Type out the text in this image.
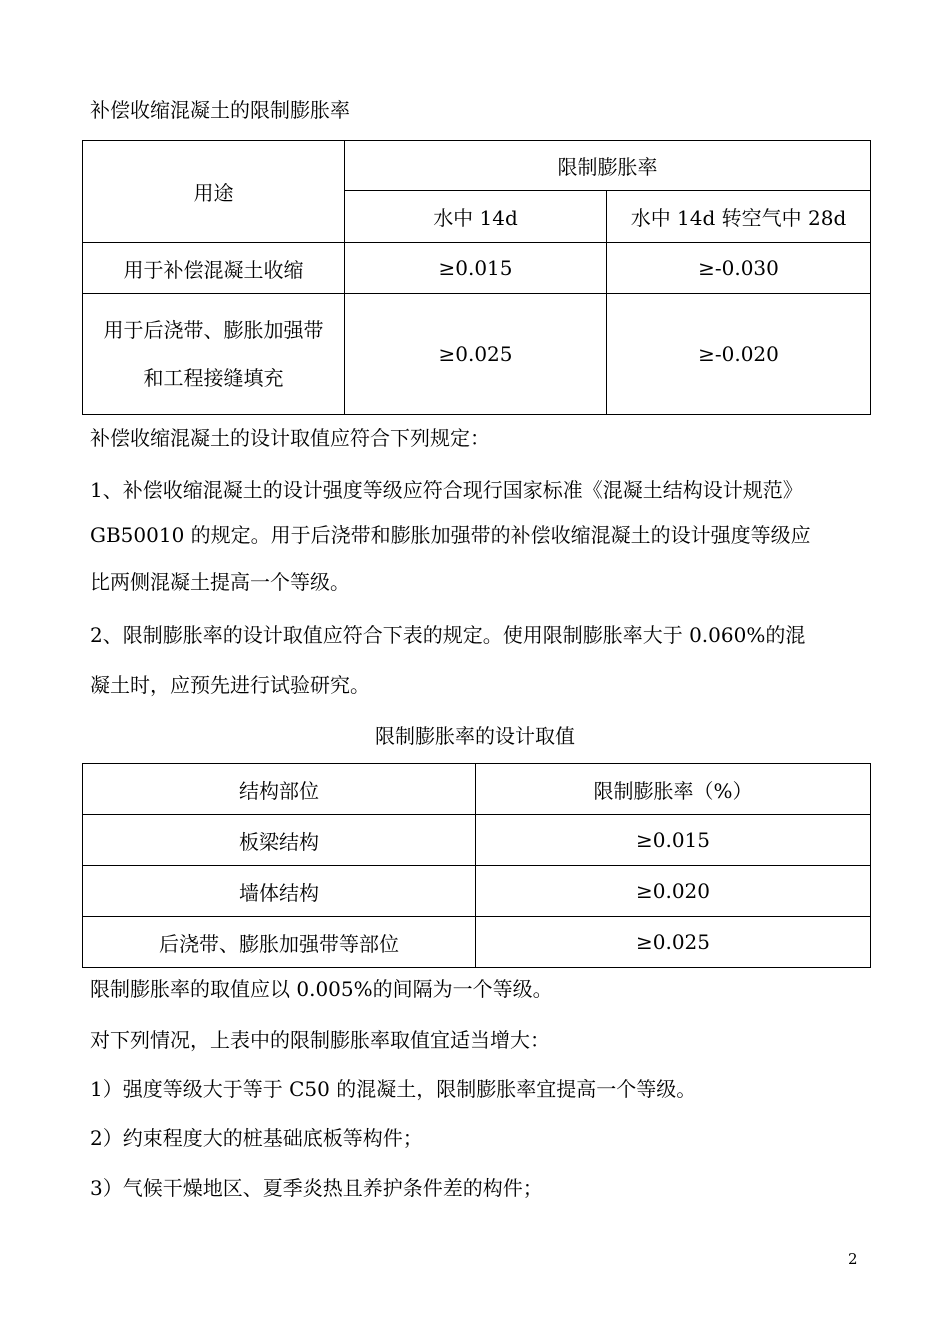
补偿收缩混凝土的限制膨胀率
用途	限制膨胀率	
	水中 14d	水中 14d 转空气中 28d
用于补偿混凝土收缩	≥0.015	≥-0.030

用于后浇带、膨胀加强带
和工程接缝填充	≥0.025	≥-0.020
补偿收缩混凝土的设计取值应符合下列规定：
1、补偿收缩混凝土的设计强度等级应符合现行国家标准《混凝土结构设计规范》
GB50010 的规定。用于后浇带和膨胀加强带的补偿收缩混凝土的设计强度等级应
比两侧混凝土提高一个等级。
2、限制膨胀率的设计取值应符合下表的规定。使用限制膨胀率大于 0.060%的混
凝土时，应预先进行试验研究。
限制膨胀率的设计取值
结构部位	限制膨胀率（%）
板梁结构	≥0.015
墙体结构	≥0.020
后浇带、膨胀加强带等部位	≥0.025
限制膨胀率的取值应以 0.005%的间隔为一个等级。
对下列情况，上表中的限制膨胀率取值宜适当增大：
1）强度等级大于等于 C50 的混凝土，限制膨胀率宜提高一个等级。
2）约束程度大的桩基础底板等构件；
3）气候干燥地区、夏季炎热且养护条件差的构件；
2
